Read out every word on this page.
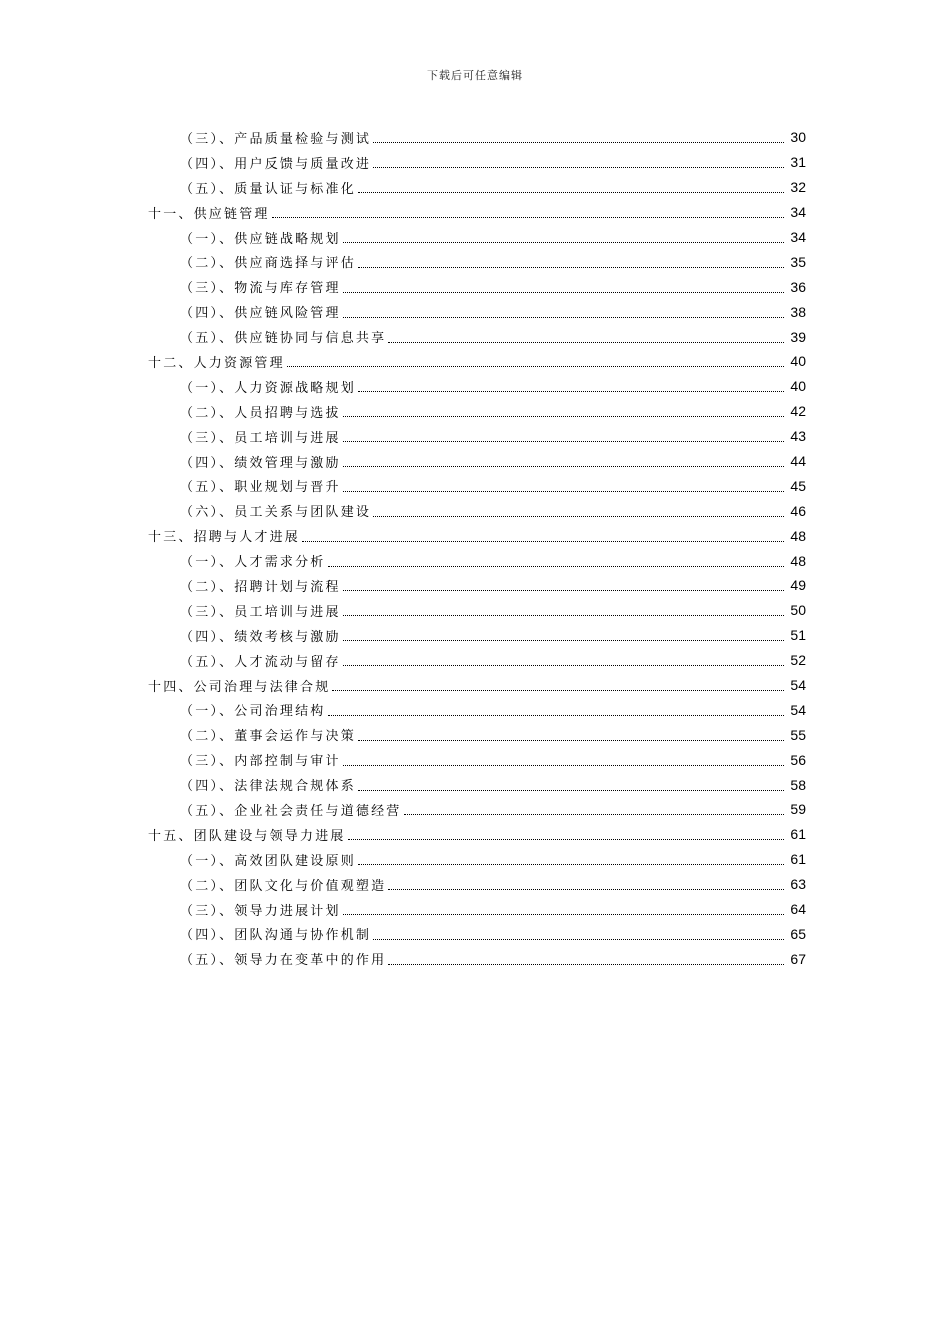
下载后可任意编辑
（三）、产品质量检验与测试	30
（四）、用户反馈与质量改进	31
（五）、质量认证与标准化	32
十一、供应链管理	34
（一）、供应链战略规划	34
（二）、供应商选择与评估	35
（三）、物流与库存管理	36
（四）、供应链风险管理	38
（五）、供应链协同与信息共享	39
十二、人力资源管理	40
（一）、人力资源战略规划	40
（二）、人员招聘与选拔	42
（三）、员工培训与进展	43
（四）、绩效管理与激励	44
（五）、职业规划与晋升	45
（六）、员工关系与团队建设	46
十三、招聘与人才进展	48
（一）、人才需求分析	48
（二）、招聘计划与流程	49
（三）、员工培训与进展	50
（四）、绩效考核与激励	51
（五）、人才流动与留存	52
十四、公司治理与法律合规	54
（一）、公司治理结构	54
（二）、董事会运作与决策	55
（三）、内部控制与审计	56
（四）、法律法规合规体系	58
（五）、企业社会责任与道德经营	59
十五、团队建设与领导力进展	61
（一）、高效团队建设原则	61
（二）、团队文化与价值观塑造	63
（三）、领导力进展计划	64
（四）、团队沟通与协作机制	65
（五）、领导力在变革中的作用	67
